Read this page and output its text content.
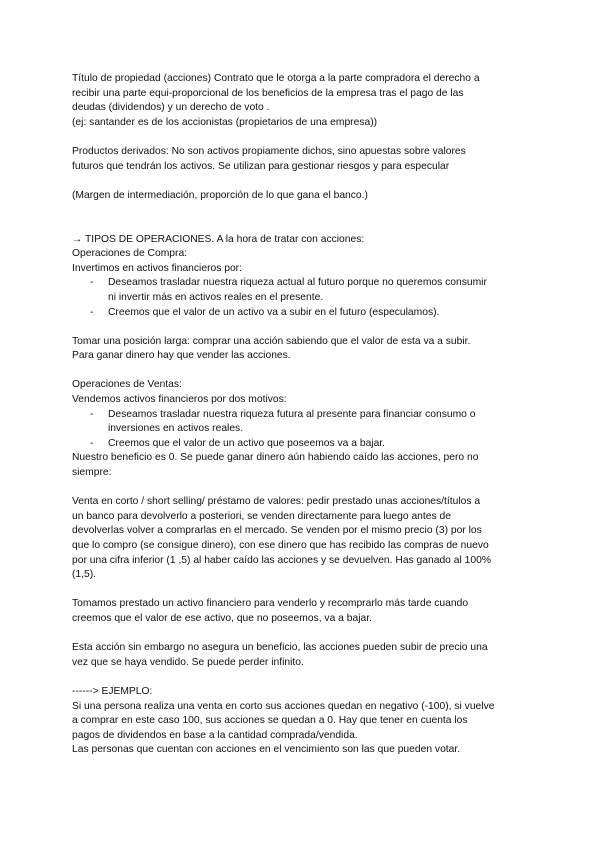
Título de propiedad (acciones) Contrato que le otorga a la parte compradora el derecho a
recibir una parte equi-proporcional de los beneficios de la empresa tras el pago de las
deudas (dividendos) y un derecho de voto .
(ej: santander es de los accionistas (propietarios de una empresa))
Productos derivados: No son activos propiamente dichos, sino apuestas sobre valores
futuros que tendrán los activos. Se utilizan para gestionar riesgos y para especular
(Margen de intermediación, proporción de lo que gana el banco.)
→ TIPOS DE OPERACIONES. A la hora de tratar con acciones:
Operaciones de Compra:
Invertimos en activos financieros por:
-	Deseamos trasladar nuestra riqueza actual al futuro porque no queremos consumir
ni invertir más en activos reales en el presente.
-	Creemos que el valor de un activo va a subir en el futuro (especulamos).
Tomar una posición larga: comprar una acción sabiendo que el valor de esta va a subir.
Para ganar dinero hay que vender las acciones.
Operaciones de Ventas:
Vendemos activos financieros por dos motivos:
-	Deseamos trasladar nuestra riqueza futura al presente para financiar consumo o
inversiones en activos reales.
-	Creemos que el valor de un activo que poseemos va a bajar.
Nuestro beneficio es 0. Se puede ganar dinero aún habiendo caído las acciones, pero no
siempre:
Venta en corto / short selling/ préstamo de valores: pedir prestado unas acciones/títulos a
un banco para devolverlo a posteriori, se venden directamente para luego antes de
devolverlas volver a comprarlas en el mercado. Se venden por el mismo precio (3) por los
que lo compro (se consigue dinero), con ese dinero que has recibido las compras de nuevo
por una cifra inferior (1 ,5) al haber caído las acciones y se devuelven. Has ganado al 100%
(1,5).
Tomamos prestado un activo financiero para venderlo y recomprarlo más tarde cuando
creemos que el valor de ese activo, que no poseemos, va a bajar.
Esta acción sin embargo no asegura un beneficio, las acciones pueden subir de precio una
vez que se haya vendido. Se puede perder infinito.
------> EJEMPLO:
Si una persona realiza una venta en corto sus acciones quedan en negativo (-100), si vuelve
a comprar en este caso 100, sus acciones se quedan a 0. Hay que tener en cuenta los
pagos de dividendos en base a la cantidad comprada/vendida.
Las personas que cuentan con acciones en el vencimiento son las que pueden votar.
